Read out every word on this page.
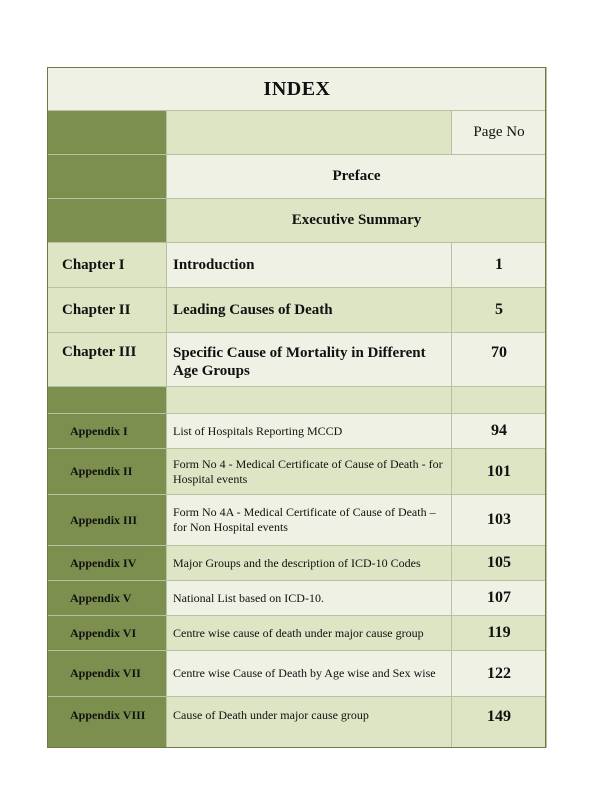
INDEX		
		Page No
	Preface	
	Executive Summary	
Chapter I	Introduction	1
Chapter II	Leading Causes of Death	5
Chapter III	Specific Cause of Mortality in Different Age Groups	70

Appendix I	List of Hospitals Reporting MCCD	94
Appendix II	Form No 4 - Medical Certificate of Cause of Death - for Hospital events	101
Appendix III	Form No 4A - Medical Certificate of Cause of Death – for Non Hospital events	103
Appendix IV	Major Groups and the description of ICD-10 Codes	105
Appendix V	National List based on ICD-10.	107
Appendix VI	Centre wise cause of death under major cause group	119
Appendix VII	Centre wise Cause of Death by Age wise and Sex wise	122
Appendix VIII	Cause of Death under major cause group	149
